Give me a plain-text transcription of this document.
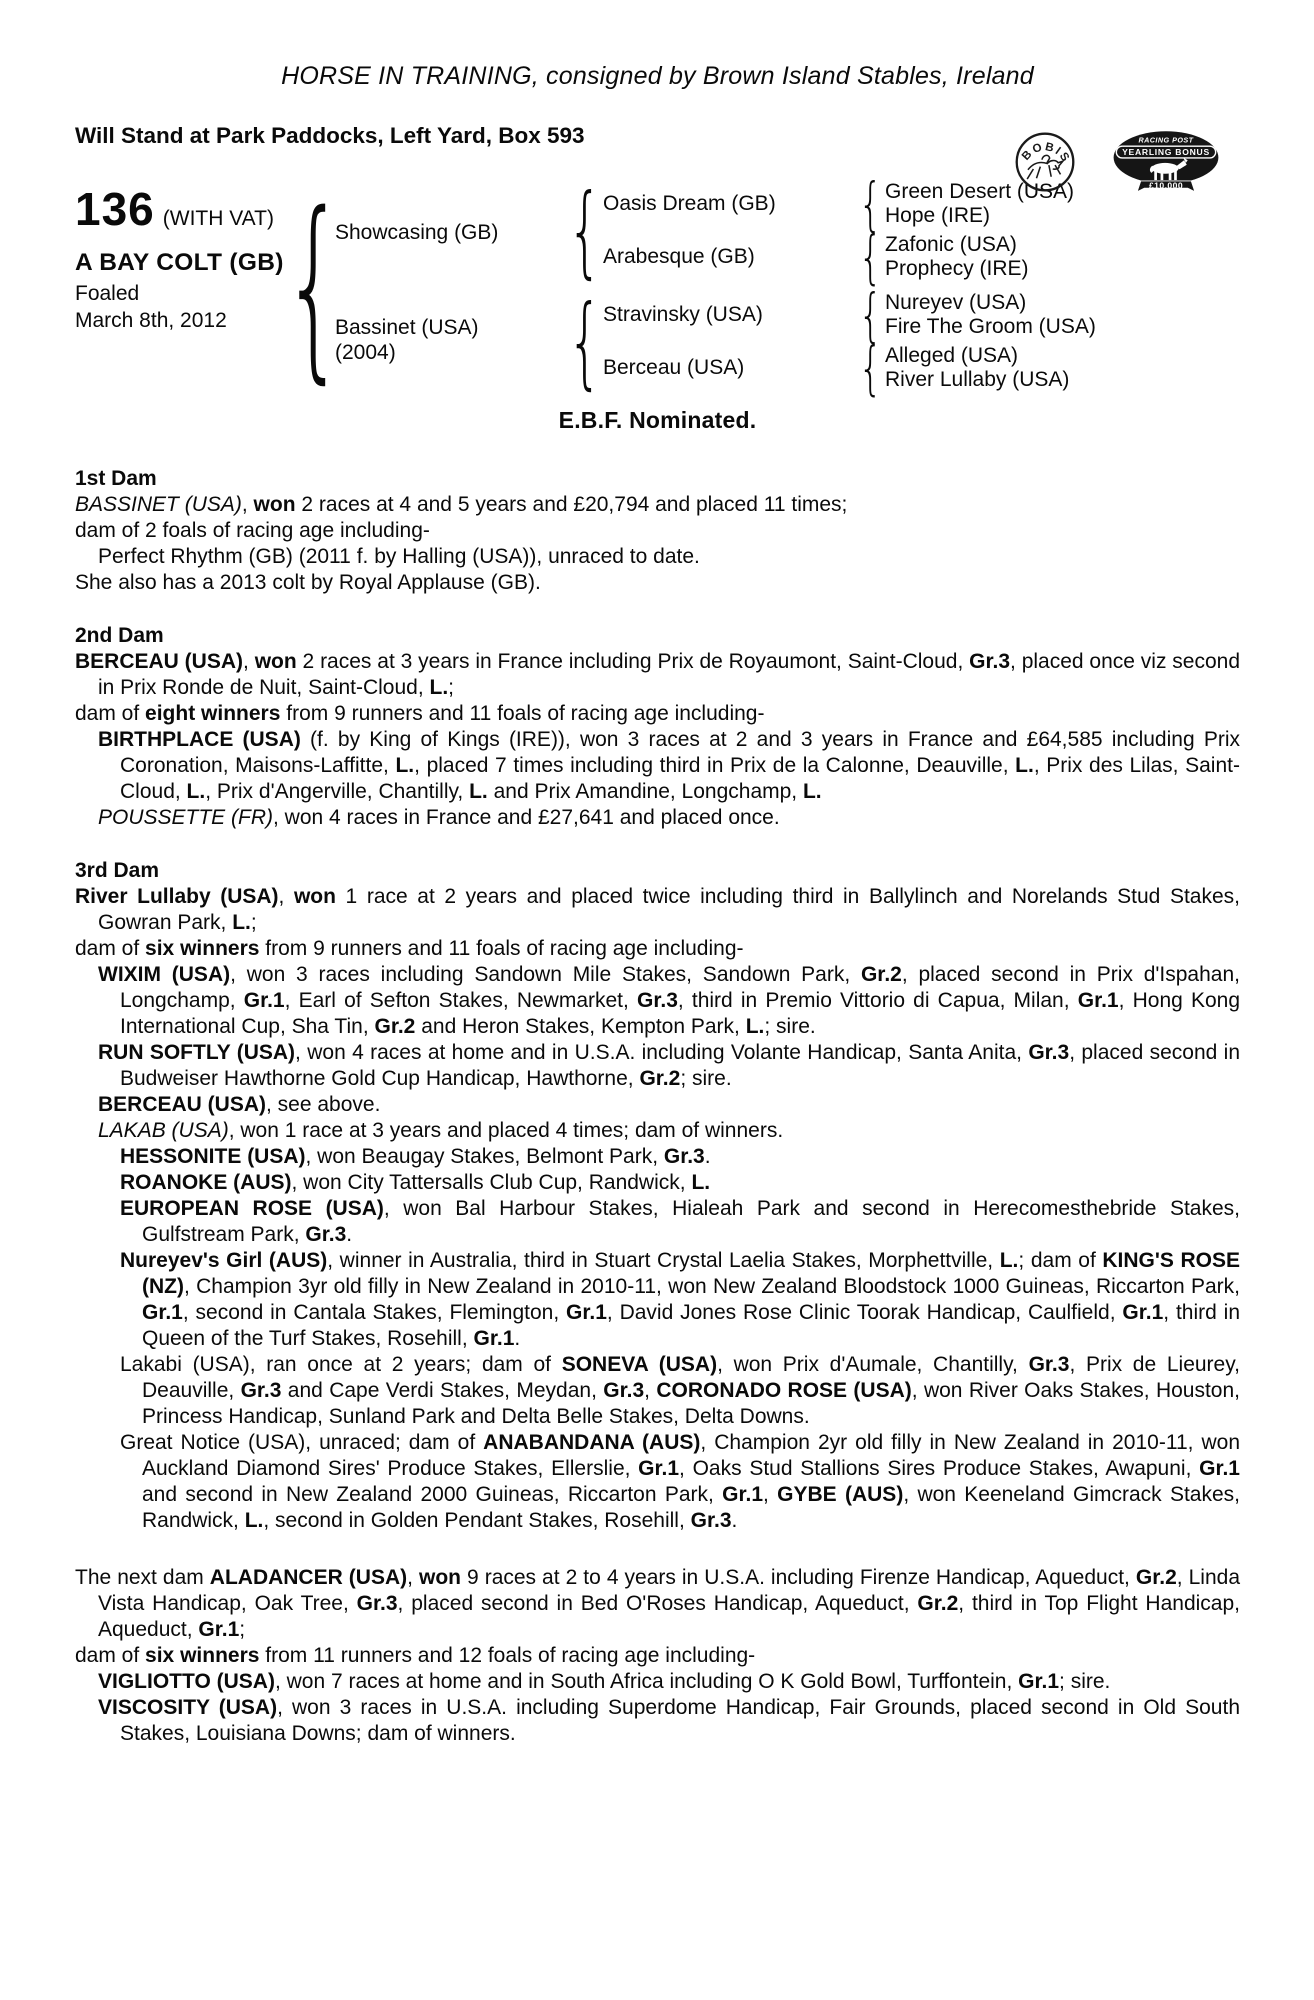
HORSE IN TRAINING, consigned by Brown Island Stables, Ireland
Will Stand at Park Paddocks, Left Yard, Box 593
BOBIS
RACING POST
YEARLING BONUS
£10,000
136 (WITH VAT)
A BAY COLT (GB)
Foaled
March 8th, 2012 {
Showcasing (GB)
Bassinet (USA)
(2004)
{ Oasis Dream (GB)	{ Green Desert (USA)
Hope (IRE)
Arabesque (GB)	{ Zafonic (USA)
Prophecy (IRE)
{ Stravinsky (USA)	{ Nureyev (USA)
Fire The Groom (USA)
Berceau (USA)	{ Alleged (USA)
River Lullaby (USA)
E.B.F. Nominated.
1st Dam

BASSINET (USA), won 2 races at 4 and 5 years and £20,794 and placed 11 times;

dam of 2 foals of racing age including-

Perfect Rhythm (GB) (2011 f. by Halling (USA)), unraced to date.

She also has a 2013 colt by Royal Applause (GB).

2nd Dam

BERCEAU (USA), won 2 races at 3 years in France including Prix de Royaumont, Saint-Cloud, Gr.3, placed once viz second in Prix Ronde de Nuit, Saint-Cloud, L.;

dam of eight winners from 9 runners and 11 foals of racing age including-

BIRTHPLACE (USA) (f. by King of Kings (IRE)), won 3 races at 2 and 3 years in France and £64,585 including Prix Coronation, Maisons-Laffitte, L., placed 7 times including third in Prix de la Calonne, Deauville, L., Prix des Lilas, Saint-Cloud, L., Prix d'Angerville, Chantilly, L. and Prix Amandine, Longchamp, L.

POUSSETTE (FR), won 4 races in France and £27,641 and placed once.

3rd Dam

River Lullaby (USA), won 1 race at 2 years and placed twice including third in Ballylinch and Norelands Stud Stakes, Gowran Park, L.;

dam of six winners from 9 runners and 11 foals of racing age including-

WIXIM (USA), won 3 races including Sandown Mile Stakes, Sandown Park, Gr.2, placed second in Prix d'Ispahan, Longchamp, Gr.1, Earl of Sefton Stakes, Newmarket, Gr.3, third in Premio Vittorio di Capua, Milan, Gr.1, Hong Kong International Cup, Sha Tin, Gr.2 and Heron Stakes, Kempton Park, L.; sire.

RUN SOFTLY (USA), won 4 races at home and in U.S.A. including Volante Handicap, Santa Anita, Gr.3, placed second in Budweiser Hawthorne Gold Cup Handicap, Hawthorne, Gr.2; sire.

BERCEAU (USA), see above.

LAKAB (USA), won 1 race at 3 years and placed 4 times; dam of winners.

HESSONITE (USA), won Beaugay Stakes, Belmont Park, Gr.3.

ROANOKE (AUS), won City Tattersalls Club Cup, Randwick, L.

EUROPEAN ROSE (USA), won Bal Harbour Stakes, Hialeah Park and second in Herecomesthebride Stakes, Gulfstream Park, Gr.3.

Nureyev's Girl (AUS), winner in Australia, third in Stuart Crystal Laelia Stakes, Morphettville, L.; dam of KING'S ROSE (NZ), Champion 3yr old filly in New Zealand in 2010-11, won New Zealand Bloodstock 1000 Guineas, Riccarton Park, Gr.1, second in Cantala Stakes, Flemington, Gr.1, David Jones Rose Clinic Toorak Handicap, Caulfield, Gr.1, third in Queen of the Turf Stakes, Rosehill, Gr.1.

Lakabi (USA), ran once at 2 years; dam of SONEVA (USA), won Prix d'Aumale, Chantilly, Gr.3, Prix de Lieurey, Deauville, Gr.3 and Cape Verdi Stakes, Meydan, Gr.3, CORONADO ROSE (USA), won River Oaks Stakes, Houston, Princess Handicap, Sunland Park and Delta Belle Stakes, Delta Downs.

Great Notice (USA), unraced; dam of ANABANDANA (AUS), Champion 2yr old filly in New Zealand in 2010-11, won Auckland Diamond Sires' Produce Stakes, Ellerslie, Gr.1, Oaks Stud Stallions Sires Produce Stakes, Awapuni, Gr.1 and second in New Zealand 2000 Guineas, Riccarton Park, Gr.1, GYBE (AUS), won Keeneland Gimcrack Stakes, Randwick, L., second in Golden Pendant Stakes, Rosehill, Gr.3.

The next dam ALADANCER (USA), won 9 races at 2 to 4 years in U.S.A. including Firenze Handicap, Aqueduct, Gr.2, Linda Vista Handicap, Oak Tree, Gr.3, placed second in Bed O'Roses Handicap, Aqueduct, Gr.2, third in Top Flight Handicap, Aqueduct, Gr.1;

dam of six winners from 11 runners and 12 foals of racing age including-

VIGLIOTTO (USA), won 7 races at home and in South Africa including O K Gold Bowl, Turffontein, Gr.1; sire.

VISCOSITY (USA), won 3 races in U.S.A. including Superdome Handicap, Fair Grounds, placed second in Old South Stakes, Louisiana Downs; dam of winners.
